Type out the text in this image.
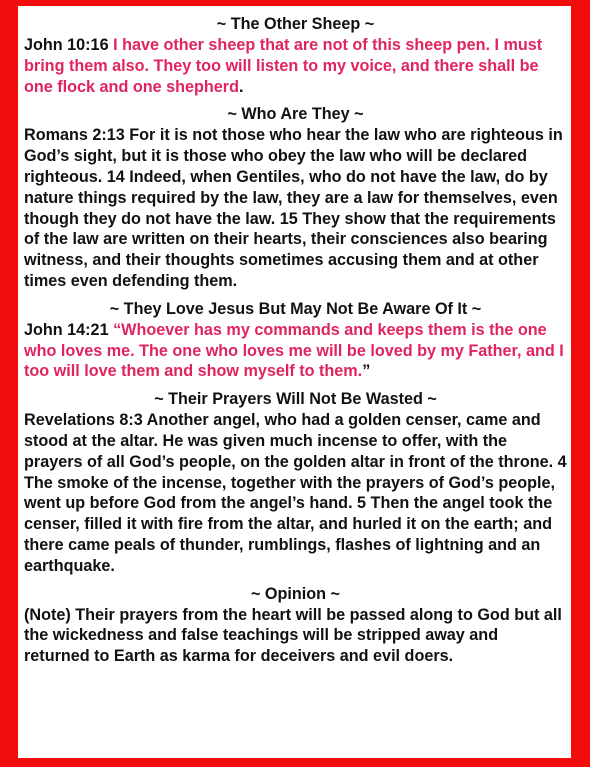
~ The Other Sheep ~

John 10:16 I have other sheep that are not of this sheep pen. I must bring them also. They too will listen to my voice, and there shall be one flock and one shepherd.

~ Who Are They ~

Romans 2:13 For it is not those who hear the law who are righteous in God’s sight, but it is those who obey the law who will be declared righteous. 14 Indeed, when Gentiles, who do not have the law, do by nature things required by the law, they are a law for themselves, even though they do not have the law. 15 They show that the requirements of the law are written on their hearts, their consciences also bearing witness, and their thoughts sometimes accusing them and at other times even defending them.

~ They Love Jesus But May Not Be Aware Of It ~

John 14:21 “Whoever has my commands and keeps them is the one who loves me. The one who loves me will be loved by my Father, and I too will love them and show myself to them.”

~ Their Prayers Will Not Be Wasted ~

Revelations 8:3 Another angel, who had a golden censer, came and stood at the altar. He was given much incense to offer, with the prayers of all God’s people, on the golden altar in front of the throne. 4 The smoke of the incense, together with the prayers of God’s people, went up before God from the angel’s hand. 5 Then the angel took the censer, filled it with fire from the altar, and hurled it on the earth; and there came peals of thunder, rumblings, flashes of lightning and an earthquake.

~ Opinion ~

(Note) Their prayers from the heart will be passed along to God but all the wickedness and false teachings will be stripped away and returned to Earth as karma for deceivers and evil doers.
